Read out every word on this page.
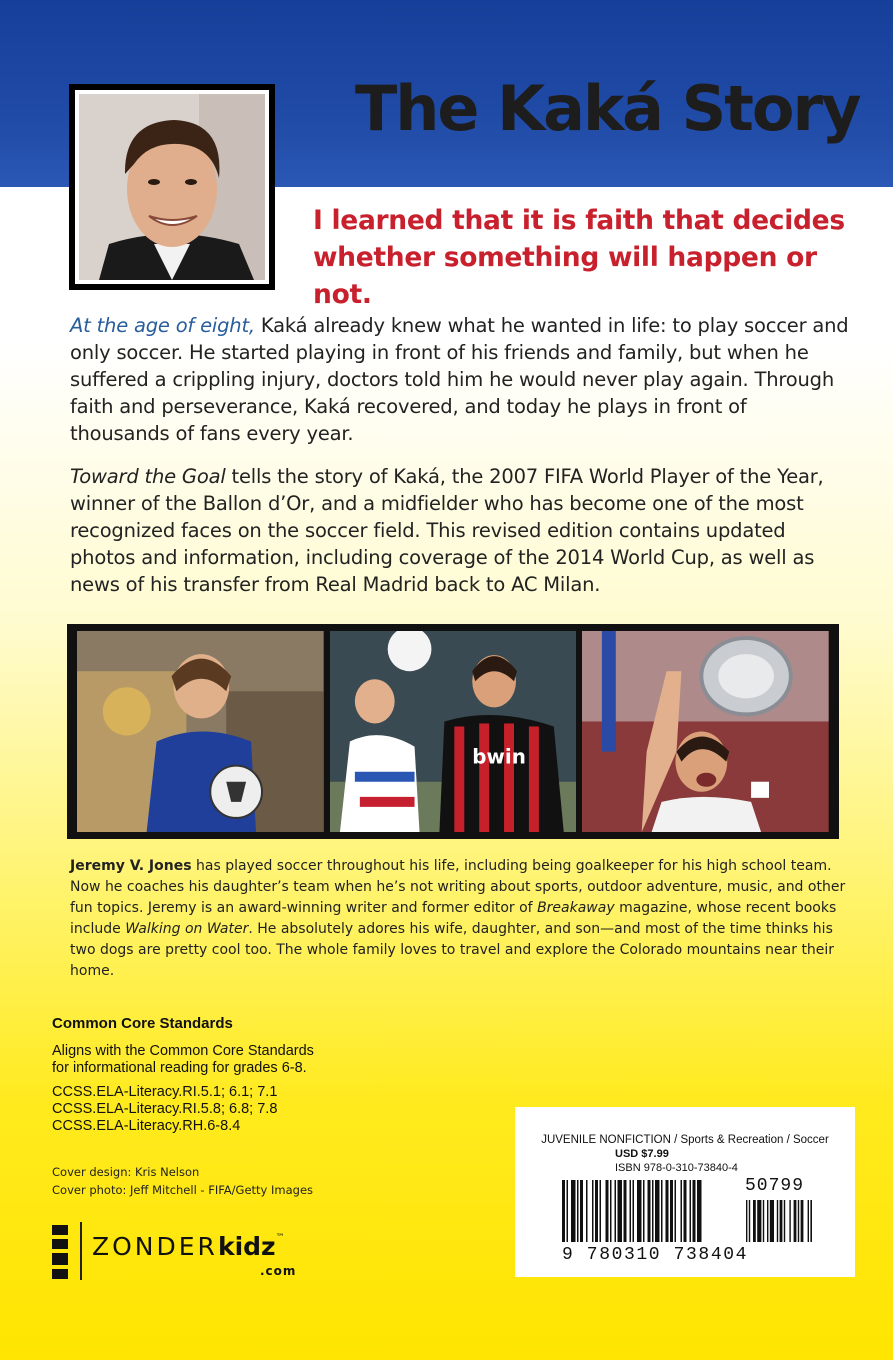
The Kaká Story
I learned that it is faith that decides whether something will happen or not.
At the age of eight, Kaká already knew what he wanted in life: to play soccer and only soccer. He started playing in front of his friends and family, but when he suffered a crippling injury, doctors told him he would never play again. Through faith and perseverance, Kaká recovered, and today he plays in front of thousands of fans every year.
Toward the Goal tells the story of Kaká, the 2007 FIFA World Player of the Year, winner of the Ballon d’Or, and a midfielder who has become one of the most recognized faces on the soccer field. This revised edition contains updated photos and information, including coverage of the 2014 World Cup, as well as news of his transfer from Real Madrid back to AC Milan.
bwin
Jeremy V. Jones has played soccer throughout his life, including being goalkeeper for his high school team. Now he coaches his daughter’s team when he’s not writing about sports, outdoor adventure, music, and other fun topics. Jeremy is an award-winning writer and former editor of Breakaway magazine, whose recent books include Walking on Water. He absolutely adores his wife, daughter, and son—and most of the time thinks his two dogs are pretty cool too. The whole family loves to travel and explore the Colorado mountains near their home.
Common Core Standards
Aligns with the Common Core Standards
for informational reading for grades 6-8.
CCSS.ELA-Literacy.RI.5.1; 6.1; 7.1
CCSS.ELA-Literacy.RI.5.8; 6.8; 7.8
CCSS.ELA-Literacy.RH.6-8.4
Cover design: Kris Nelson
Cover photo: Jeff Mitchell - FIFA/Getty Images
ZONDERkidz™
.com
JUVENILE NONFICTION / Sports & Recreation / Soccer
USD $7.99
ISBN 978-0-310-73840-4
50799
9 780310 738404
